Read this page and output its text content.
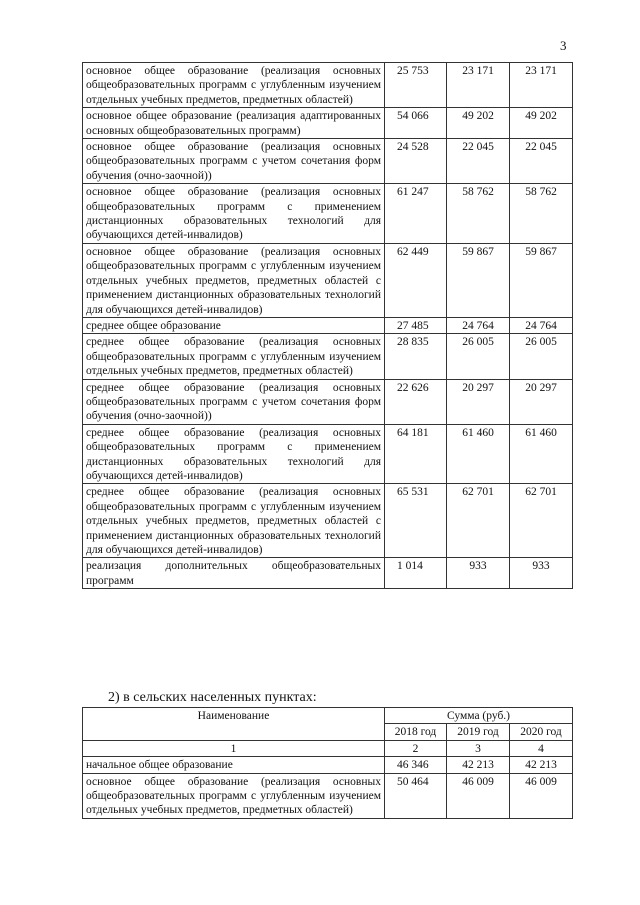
3
основное общее образование (реализация основных общеобразовательных программ с углубленным изучением отдельных учебных предметов, предметных областей)	25 753	23 171	23 171
основное общее образование (реализация адаптированных основных общеобразовательных программ)	54 066	49 202	49 202
основное общее образование (реализация основных общеобразовательных программ с учетом сочетания форм обучения (очно-заочной))	24 528	22 045	22 045
основное общее образование (реализация основных общеобразовательных программ с применением дистанционных образовательных технологий для обучающихся детей-инвалидов)	61 247	58 762	58 762
основное общее образование (реализация основных общеобразовательных программ с углубленным изучением отдельных учебных предметов, предметных областей с применением дистанционных образовательных технологий для обучающихся детей-инвалидов)	62 449	59 867	59 867
среднее общее образование	27 485	24 764	24 764
среднее общее образование (реализация основных общеобразовательных программ с углубленным изучением отдельных учебных предметов, предметных областей)	28 835	26 005	26 005
среднее общее образование (реализация основных общеобразовательных программ с учетом сочетания форм обучения (очно-заочной))	22 626	20 297	20 297
среднее общее образование (реализация основных общеобразовательных программ с применением дистанционных образовательных технологий для обучающихся детей-инвалидов)	64 181	61 460	61 460
среднее общее образование (реализация основных общеобразовательных программ с углубленным изучением отдельных учебных предметов, предметных областей с применением дистанционных образовательных технологий для обучающихся детей-инвалидов)	65 531	62 701	62 701
реализация дополнительных общеобразовательных программ	1 014	933	933
2) в сельских населенных пунктах:
Наименование	Сумма (руб.)		
	2018 год	2019 год	2020 год
1	2	3	4
начальное общее образование	46 346	42 213	42 213
основное общее образование (реализация основных общеобразовательных программ с углубленным изучением отдельных учебных предметов, предметных областей)	50 464	46 009	46 009
